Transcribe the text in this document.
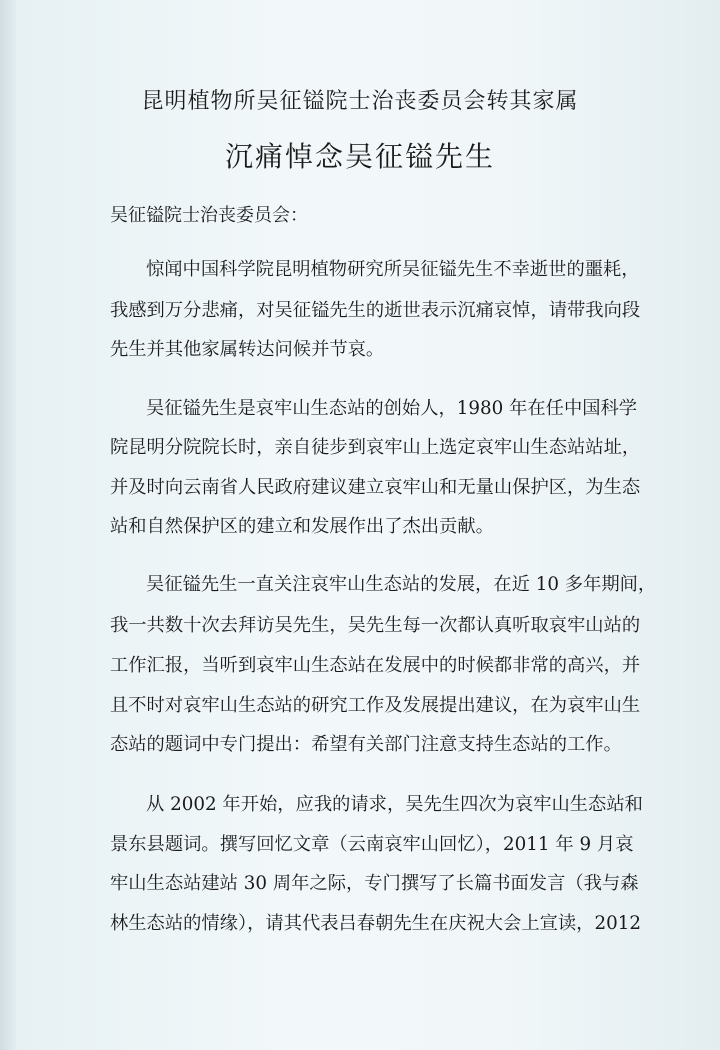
昆明植物所吴征镒院士治丧委员会转其家属
沉痛悼念吴征镒先生
吴征镒院士治丧委员会：
惊闻中国科学院昆明植物研究所吴征镒先生不幸逝世的噩耗，
我感到万分悲痛，对吴征镒先生的逝世表示沉痛哀悼，请带我向段
先生并其他家属转达问候并节哀。
吴征镒先生是哀牢山生态站的创始人，1980 年在任中国科学
院昆明分院院长时，亲自徒步到哀牢山上选定哀牢山生态站站址，
并及时向云南省人民政府建议建立哀牢山和无量山保护区，为生态
站和自然保护区的建立和发展作出了杰出贡献。
吴征镒先生一直关注哀牢山生态站的发展，在近 10 多年期间，
我一共数十次去拜访吴先生，吴先生每一次都认真听取哀牢山站的
工作汇报，当听到哀牢山生态站在发展中的时候都非常的高兴，并
且不时对哀牢山生态站的研究工作及发展提出建议，在为哀牢山生
态站的题词中专门提出：希望有关部门注意支持生态站的工作。
从 2002 年开始，应我的请求，吴先生四次为哀牢山生态站和
景东县题词。撰写回忆文章（云南哀牢山回忆），2011 年 9 月哀
牢山生态站建站 30 周年之际，专门撰写了长篇书面发言（我与森
林生态站的情缘），请其代表吕春朝先生在庆祝大会上宣读，2012
